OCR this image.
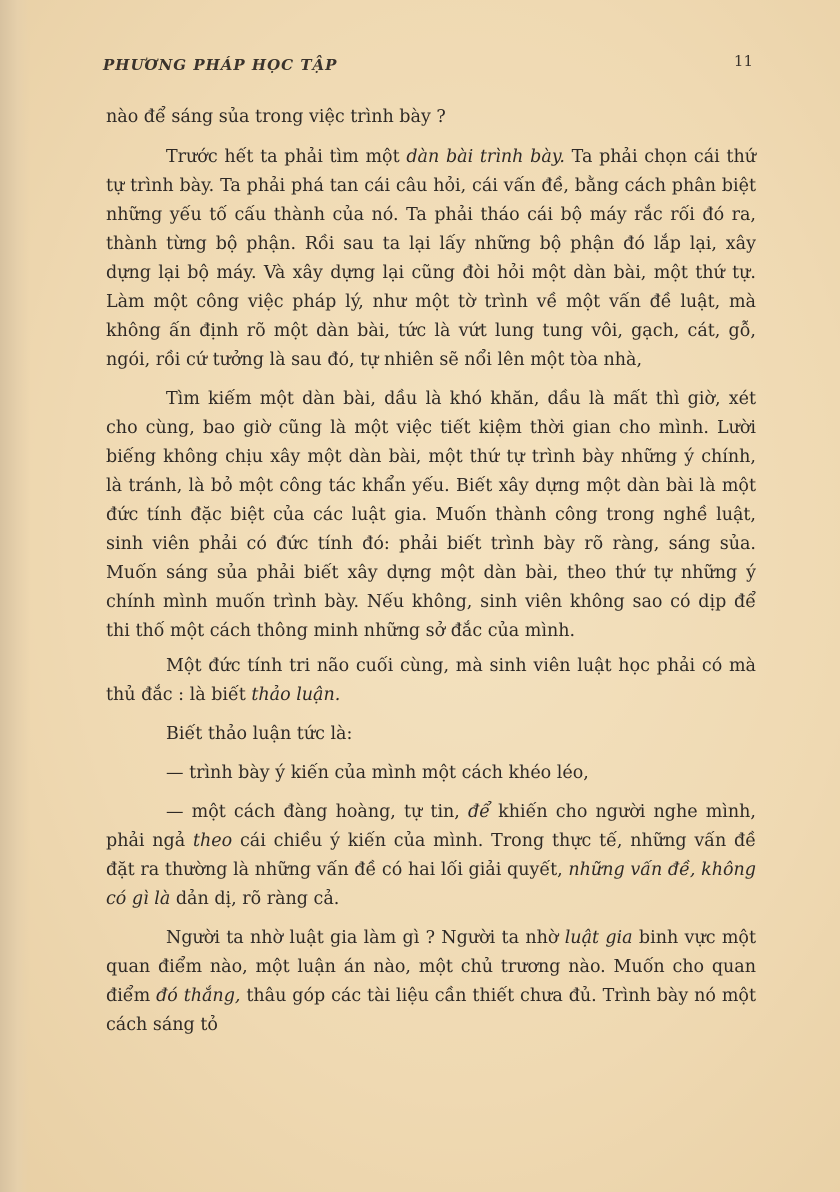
PHƯƠNG PHÁP HỌC TẬP	11

nào để sáng sủa trong việc trình bày ?

Trước hết ta phải tìm một dàn bài trình bày. Ta phải chọn cái thứ tự trình bày. Ta phải phá tan cái câu hỏi, cái vấn đề, bằng cách phân biệt những yếu tố cấu thành của nó. Ta phải tháo cái bộ máy rắc rối đó ra, thành từng bộ phận. Rồi sau ta lại lấy những bộ phận đó lắp lại, xây dựng lại bộ máy. Và xây dựng lại cũng đòi hỏi một dàn bài, một thứ tự. Làm một công việc pháp lý, như một tờ trình về một vấn đề luật, mà không ấn định rõ một dàn bài, tức là vứt lung tung vôi, gạch, cát, gỗ, ngói, rồi cứ tưởng là sau đó, tự nhiên sẽ nổi lên một tòa nhà,

Tìm kiếm một dàn bài, dầu là khó khăn, dầu là mất thì giờ, xét cho cùng, bao giờ cũng là một việc tiết kiệm thời gian cho mình. Lười biếng không chịu xây một dàn bài, một thứ tự trình bày những ý chính, là tránh, là bỏ một công tác khẩn yếu. Biết xây dựng một dàn bài là một đức tính đặc biệt của các luật gia. Muốn thành công trong nghề luật, sinh viên phải có đức tính đó: phải biết trình bày rõ ràng, sáng sủa. Muốn sáng sủa phải biết xây dựng một dàn bài, theo thứ tự những ý chính mình muốn trình bày. Nếu không, sinh viên không sao có dịp để thi thố một cách thông minh những sở đắc của mình.

Một đức tính tri não cuối cùng, mà sinh viên luật học phải có mà thủ đắc : là biết thảo luận.

Biết thảo luận tức là:

— trình bày ý kiến của mình một cách khéo léo,

— một cách đàng hoàng, tự tin, để khiến cho người nghe mình, phải ngả theo cái chiều ý kiến của mình. Trong thực tế, những vấn đề đặt ra thường là những vấn đề có hai lối giải quyết, những vấn đề, không có gì là dản dị, rõ ràng cả.

Người ta nhờ luật gia làm gì ? Người ta nhờ luật gia binh vực một quan điểm nào, một luận án nào, một chủ trương nào. Muốn cho quan điểm đó thắng, thâu góp các tài liệu cần thiết chưa đủ. Trình bày nó một cách sáng tỏ
